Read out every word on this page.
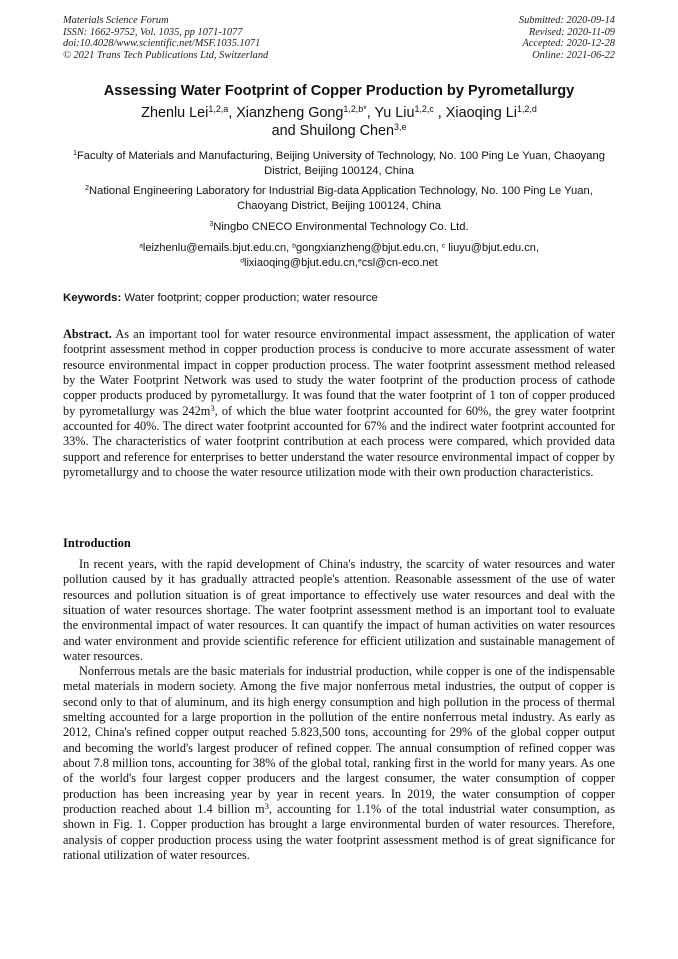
Materials Science Forum
ISSN: 1662-9752, Vol. 1035, pp 1071-1077
doi:10.4028/www.scientific.net/MSF.1035.1071
© 2021 Trans Tech Publications Ltd, Switzerland
Submitted: 2020-09-14
Revised: 2020-11-09
Accepted: 2020-12-28
Online: 2021-06-22
Assessing Water Footprint of Copper Production by Pyrometallurgy
Zhenlu Lei$^{1,2,a}$, Xianzheng Gong$^{1,2,b*}$, Yu Liu$^{1,2,c}$ , Xiaoqing Li$^{1,2,d}$
and Shuilong Chen$^{3,e}$
$^1$Faculty of Materials and Manufacturing, Beijing University of Technology, No. 100 Ping Le Yuan, Chaoyang District, Beijing 100124, China
$^2$National Engineering Laboratory for Industrial Big-data Application Technology, No. 100 Ping Le Yuan, Chaoyang District, Beijing 100124, China
$^3$Ningbo CNECO Environmental Technology Co. Ltd.
$^a$leizhenlu@emails.bjut.edu.cn, $^b$gongxianzheng@bjut.edu.cn, $^c$ liuyu@bjut.edu.cn,
$^d$lixiaoqing@bjut.edu.cn,$^e$csl@cn-eco.net
Keywords: Water footprint; copper production; water resource

Abstract. As an important tool for water resource environmental impact assessment, the application of water footprint assessment method in copper production process is conducive to more accurate assessment of water resource environmental impact in copper production process. The water footprint assessment method released by the Water Footprint Network was used to study the water footprint of the production process of cathode copper products produced by pyrometallurgy. It was found that the water footprint of 1 ton of copper produced by pyrometallurgy was $242m^3$, of which the blue water footprint accounted for 60%, the grey water footprint accounted for 40%. The direct water footprint accounted for 67% and the indirect water footprint accounted for 33%. The characteristics of water footprint contribution at each process were compared, which provided data support and reference for enterprises to better understand the water resource environmental impact of copper by pyrometallurgy and to choose the water resource utilization mode with their own production characteristics.

Introduction

In recent years, with the rapid development of China's industry, the scarcity of water resources and water pollution caused by it has gradually attracted people's attention. Reasonable assessment of the use of water resources and pollution situation is of great importance to effectively use water resources and deal with the situation of water resources shortage. The water footprint assessment method is an important tool to evaluate the environmental impact of water resources. It can quantify the impact of human activities on water resources and water environment and provide scientific reference for efficient utilization and sustainable management of water resources.

Nonferrous metals are the basic materials for industrial production, while copper is one of the indispensable metal materials in modern society. Among the five major nonferrous metal industries, the output of copper is second only to that of aluminum, and its high energy consumption and high pollution in the process of thermal smelting accounted for a large proportion in the pollution of the entire nonferrous metal industry. As early as 2012, China's refined copper output reached 5.823,500 tons, accounting for 29% of the global copper output and becoming the world's largest producer of refined copper. The annual consumption of refined copper was about 7.8 million tons, accounting for 38% of the global total, ranking first in the world for many years. As one of the world's four largest copper producers and the largest consumer, the water consumption of copper production has been increasing year by year in recent years. In 2019, the water consumption of copper production reached about 1.4 billion $m^3$, accounting for 1.1% of the total industrial water consumption, as shown in Fig. 1. Copper production has brought a large environmental burden of water resources. Therefore, analysis of copper production process using the water footprint assessment method is of great significance for rational utilization of water resources.
